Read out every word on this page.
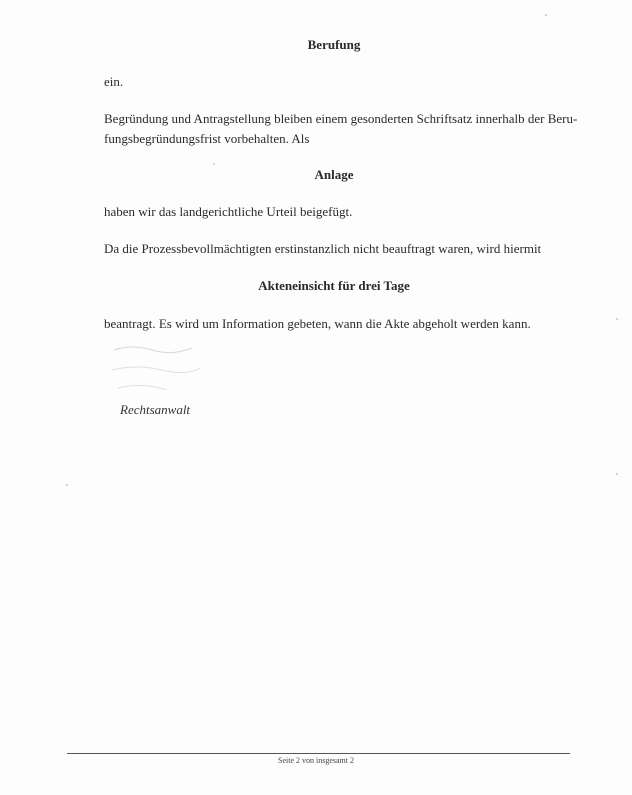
Berufung
ein.
Begründung und Antragstellung bleiben einem gesonderten Schriftsatz innerhalb der Beru-
fungsbegründungsfrist vorbehalten. Als
Anlage
haben wir das landgerichtliche Urteil beigefügt.
Da die Prozessbevollmächtigten erstinstanzlich nicht beauftragt waren, wird hiermit
Akteneinsicht für drei Tage
beantragt. Es wird um Information gebeten, wann die Akte abgeholt werden kann.
Rechtsanwalt
Seite 2 von insgesamt 2
